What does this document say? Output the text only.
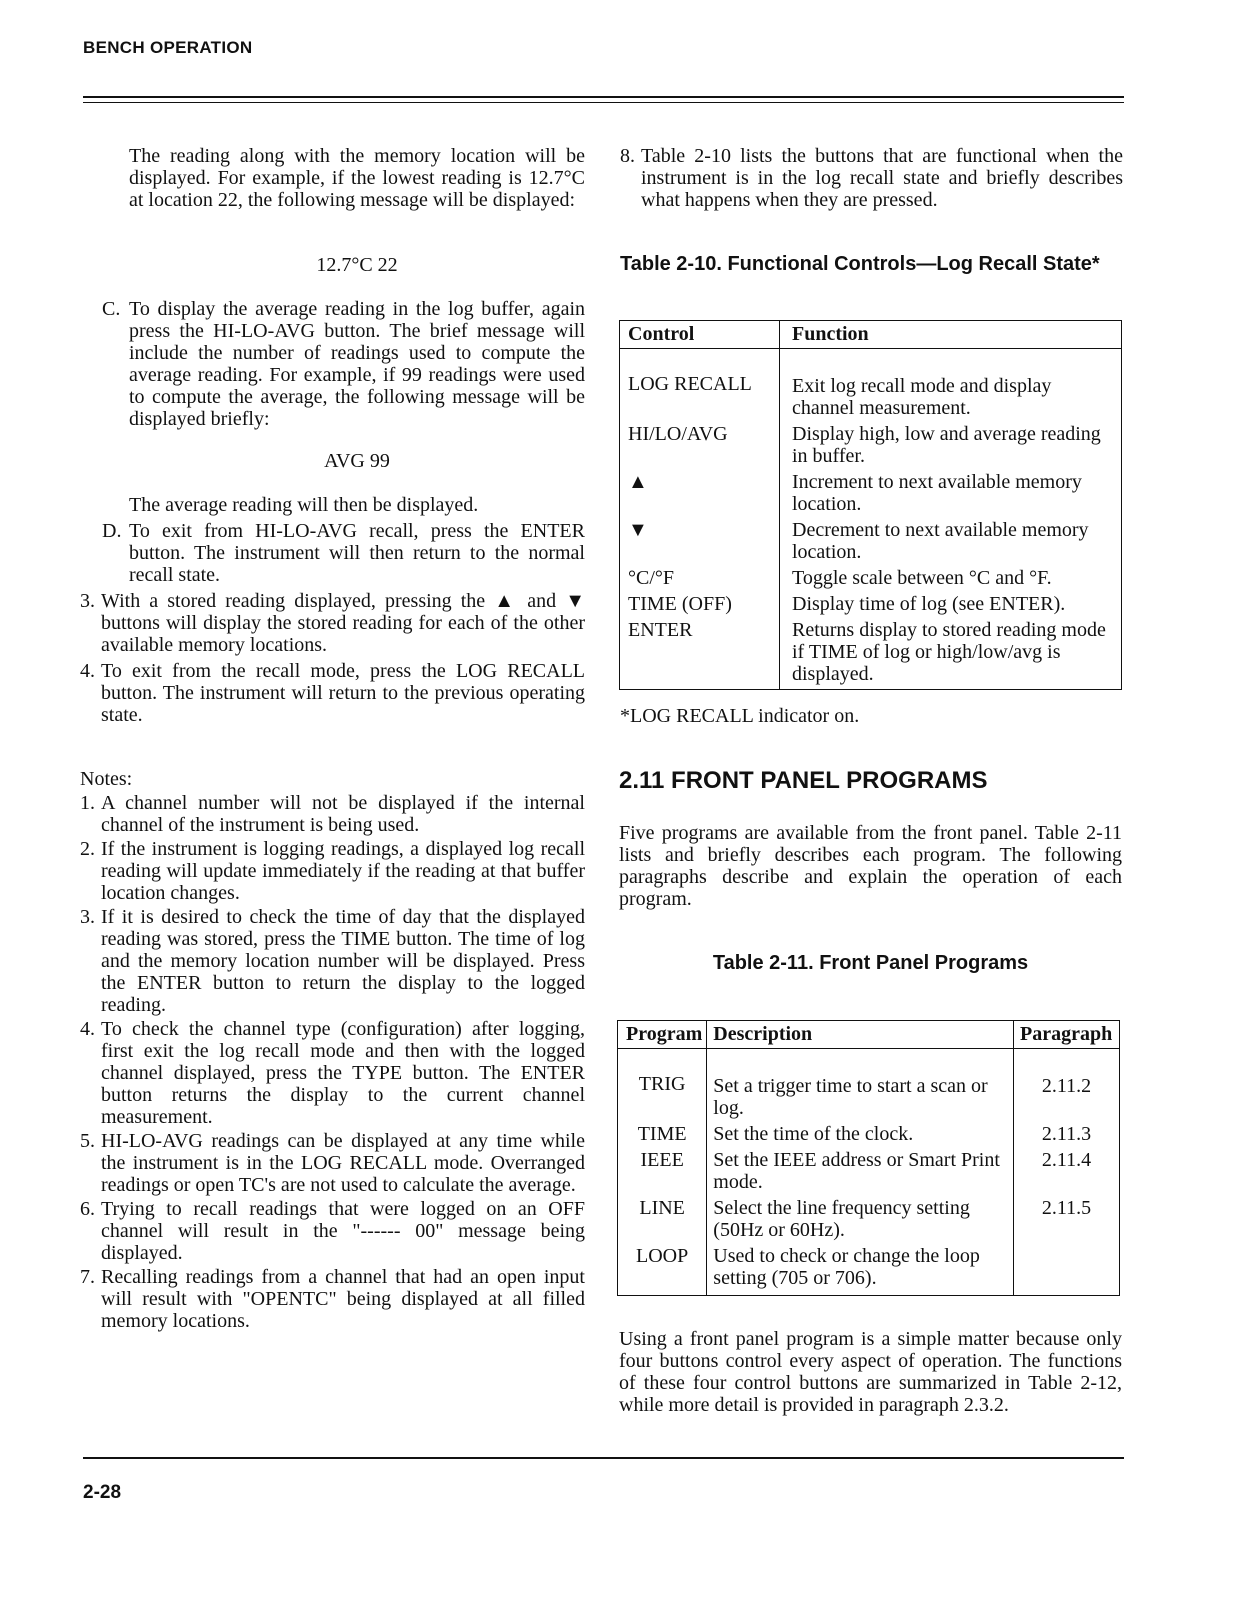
BENCH OPERATION
2-28
The reading along with the memory location will be displayed. For example, if the lowest reading is 12.7°C at location 22, the following message will be displayed:
12.7°C 22
C. To display the average reading in the log buffer, again press the HI-LO-AVG button. The brief message will include the number of readings used to compute the average reading. For example, if 99 readings were used to compute the average, the following message will be displayed briefly:
AVG 99
The average reading will then be displayed.
D. To exit from HI-LO-AVG recall, press the ENTER button. The instrument will then return to the normal recall state.
3. With a stored reading displayed, pressing the ▲ and ▼ buttons will display the stored reading for each of the other available memory locations.
4. To exit from the recall mode, press the LOG RECALL button. The instrument will return to the previous operating state.
Notes:
1. A channel number will not be displayed if the internal channel of the instrument is being used.
2. If the instrument is logging readings, a displayed log recall reading will update immediately if the reading at that buffer location changes.
3. If it is desired to check the time of day that the displayed reading was stored, press the TIME button. The time of log and the memory location number will be displayed. Press the ENTER button to return the display to the logged reading.
4. To check the channel type (configuration) after logging, first exit the log recall mode and then with the logged channel displayed, press the TYPE button. The ENTER button returns the display to the current channel measurement.
5. HI-LO-AVG readings can be displayed at any time while the instrument is in the LOG RECALL mode. Overranged readings or open TC's are not used to calculate the average.
6. Trying to recall readings that were logged on an OFF channel will result in the "------ 00" message being displayed.
7. Recalling readings from a channel that had an open input will result with "OPENTC" being displayed at all filled memory locations.
8. Table 2-10 lists the buttons that are functional when the instrument is in the log recall state and briefly describes what happens when they are pressed.
Table 2-10. Functional Controls—Log Recall State*
Control	Function
LOG RECALL	Exit log recall mode and display channel measurement.
HI/LO/AVG	Display high, low and average reading in buffer.
▲	Increment to next available memory location.
▼	Decrement to next available memory location.
°C/°F	Toggle scale between °C and °F.
TIME (OFF)	Display time of log (see ENTER).
ENTER	Returns display to stored reading mode if TIME of log or high/low/avg is displayed.
*LOG RECALL indicator on.
2.11 FRONT PANEL PROGRAMS
Five programs are available from the front panel. Table 2-11 lists and briefly describes each program. The following paragraphs describe and explain the operation of each program.
Table 2-11. Front Panel Programs
Program	Description	Paragraph
TRIG	Set a trigger time to start a scan or log.	2.11.2
TIME	Set the time of the clock.	2.11.3
IEEE	Set the IEEE address or Smart Print mode.	2.11.4
LINE	Select the line frequency setting (50Hz or 60Hz).	2.11.5
LOOP	Used to check or change the loop setting (705 or 706).	
Using a front panel program is a simple matter because only four buttons control every aspect of operation. The functions of these four control buttons are summarized in Table 2-12, while more detail is provided in paragraph 2.3.2.
